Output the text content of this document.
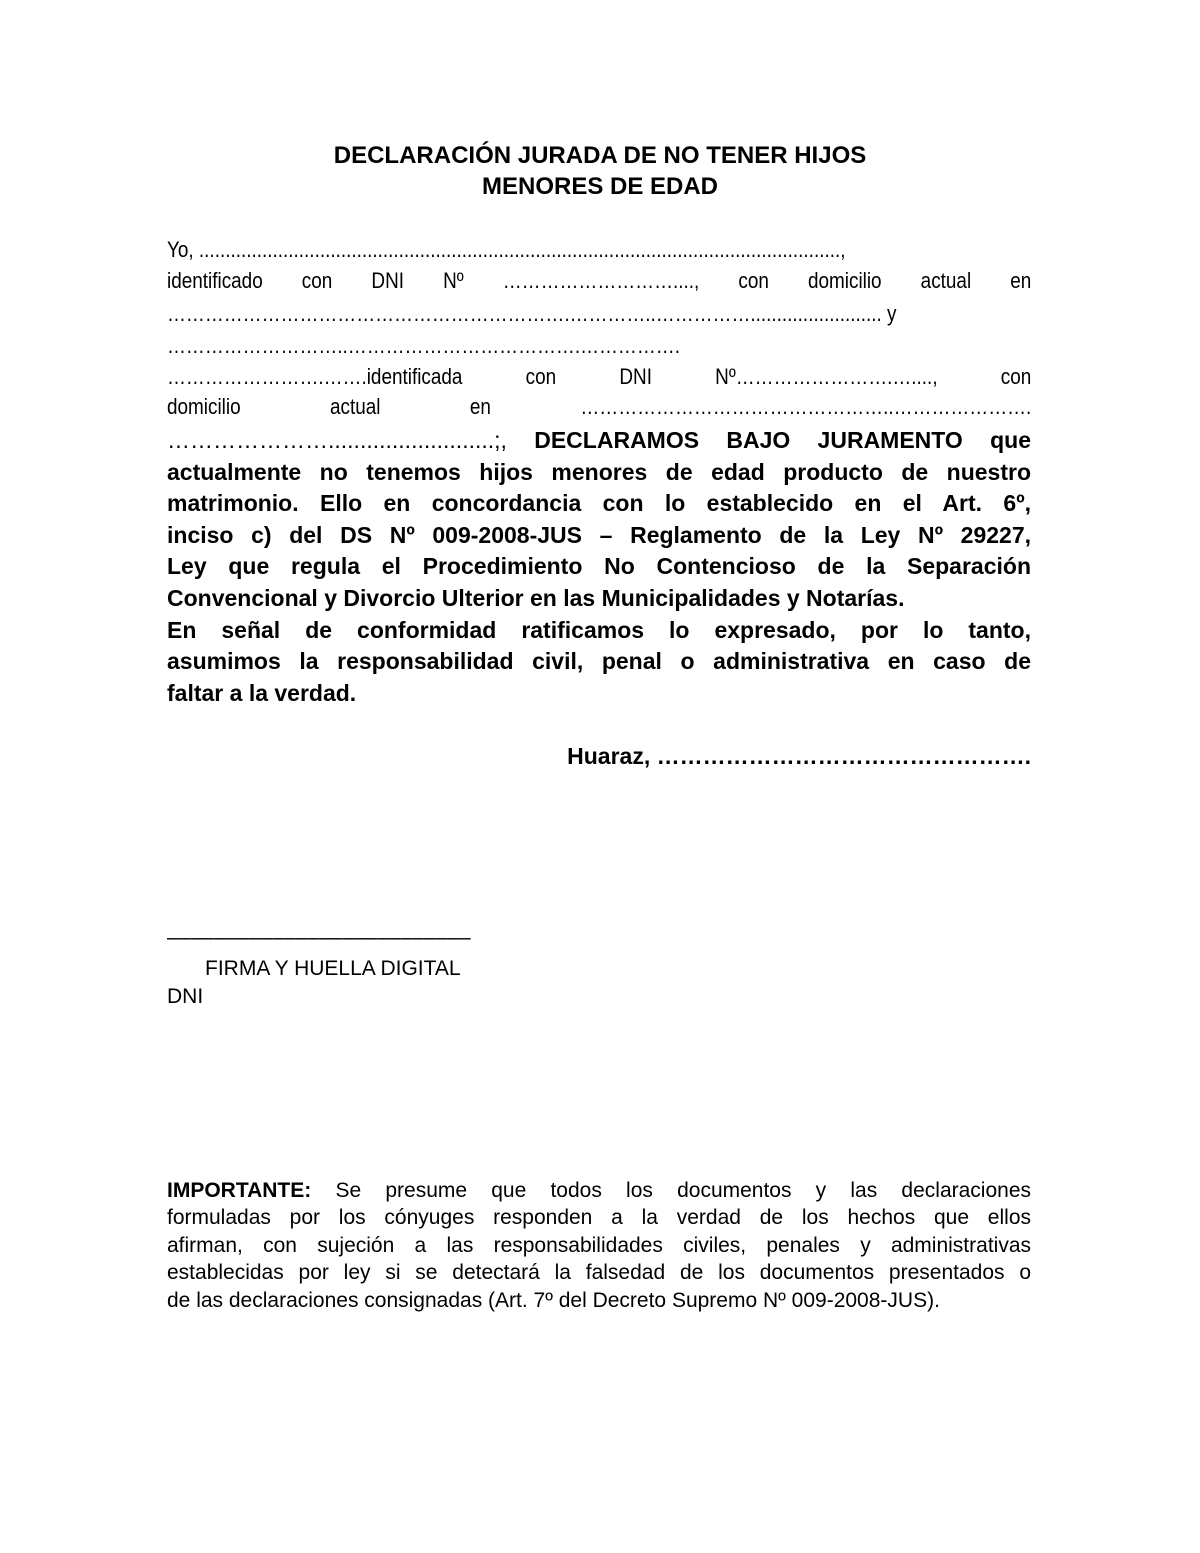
DECLARACIÓN JURADA DE NO TENER HIJOS
MENORES DE EDAD
Yo, ..........................................................................................................................,
identificado con DNI Nº ………………………...., con domicilio actual en
……………………………………………………….…………..……………......................... y
………………………..……………………………….…………….
…………………….…….identificada con DNI Nº…………………….…...., con
domicilio actual en …………………………………………..………………….
…………………..........................;, DECLARAMOS BAJO JURAMENTO que
actualmente no tenemos hijos menores de edad producto de nuestro
matrimonio. Ello en concordancia con lo establecido en el Art. 6º,
inciso c) del DS Nº 009-2008-JUS – Reglamento de la Ley Nº 29227,
Ley que regula el Procedimiento No Contencioso de la Separación
Convencional y Divorcio Ulterior en las Municipalidades y Notarías.
En señal de conformidad ratificamos lo expresado, por lo tanto,
asumimos la responsabilidad civil, penal o administrativa en caso de
faltar a la verdad.
Huaraz, ………………………………………….
––––––––––––––––––––––––––
FIRMA Y HUELLA DIGITAL
DNI
IMPORTANTE: Se presume que todos los documentos y las declaraciones
formuladas por los cónyuges responden a la verdad de los hechos que ellos
afirman, con sujeción a las responsabilidades civiles, penales y administrativas
establecidas por ley si se detectará la falsedad de los documentos presentados o
de las declaraciones consignadas (Art. 7º del Decreto Supremo Nº 009-2008-JUS).
